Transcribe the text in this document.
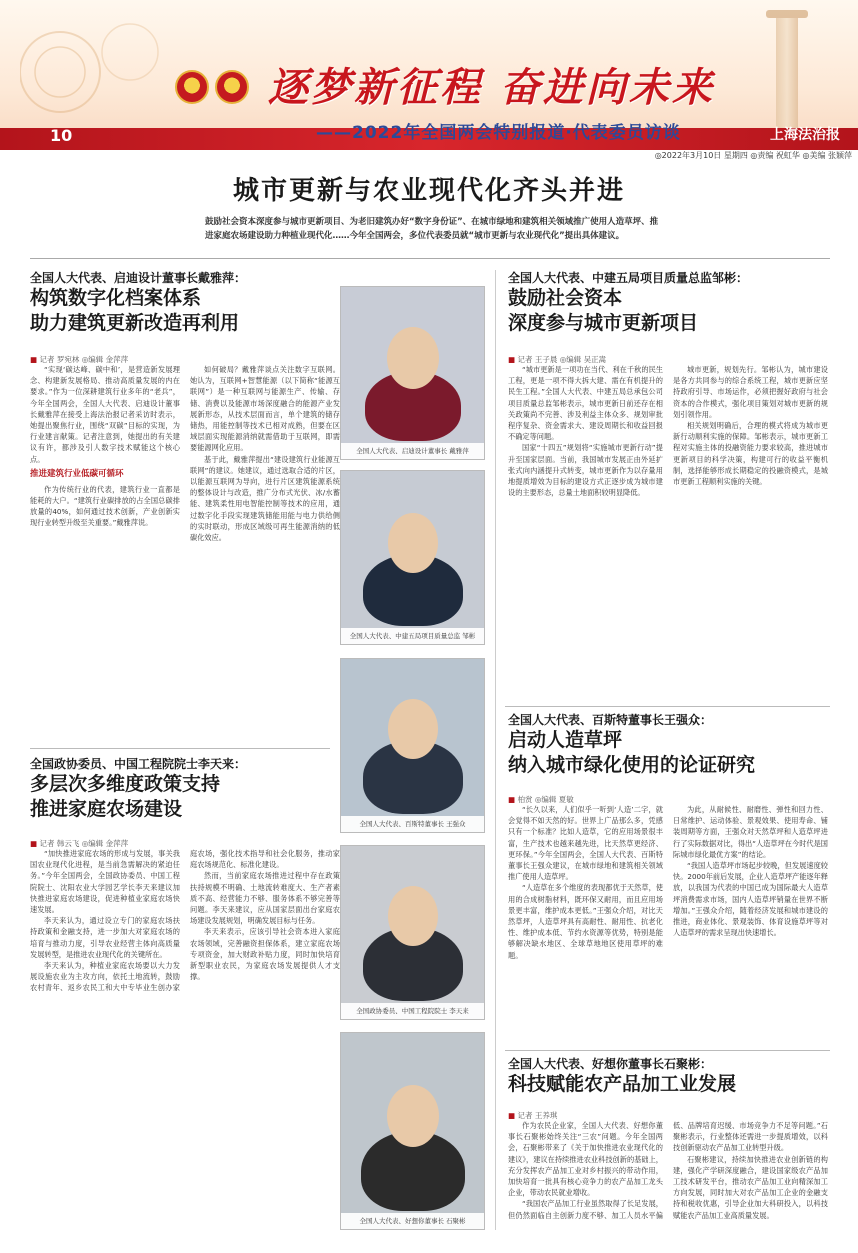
逐梦新征程 奋进向未来
10	——2022年全国两会特别报道·代表委员访谈	上海法治报
◎2022年3月10日 星期四 ◎责编 祝虹华 ◎美编 张颖萍
城市更新与农业现代化齐头并进

鼓励社会资本深度参与城市更新项目、为老旧建筑办好“数字身份证”、在城市绿地和建筑相关领域推广使用人造草坪、推进家庭农场建设助力种植业现代化……今年全国两会，多位代表委员就“城市更新与农业现代化”提出具体建议。

全国人大代表、启迪设计董事长戴雅萍：
构筑数字化档案体系
助力建筑更新改造再利用
■ 记者 罗宛林 ◎编辑 金萍萍

“实现‘碳达峰、碳中和’，是营造新发展理念、构建新发展格局、推动高质量发展的内在要求。”作为一位深耕建筑行业多年的“老兵”，今年全国两会，全国人大代表、启迪设计董事长戴雅萍在接受上海法治报记者采访时表示，她提出聚焦行业，围绕“双碳”目标的实现，为行业建言献策。记者注意到，她提出的有关建议有许，都涉及引人数字技术赋能这个核心点。

推进建筑行业低碳可循环

作为传统行业的代表，建筑行业一直都是能耗的大户。“建筑行业碳排放的占全国总碳排放量的40%，如何通过技术创新，产业创新实现行业转型升级至关重要。”戴雅萍说。

如何破局？戴雅萍谈点关注数字互联网。她认为，互联网+智慧能源（以下简称“能源互联网”）是一种互联网与能源生产、传输、存储、消费以及能源市场深度融合的能源产业发展新形态，从技术层面而言，单个建筑的储存储热，用能控制等技术已相对成熟，但要在区域层面实现能源消纳就需借助于互联网，即需要能源网化应用。

基于此，戴雅萍提出“建设建筑行业能源互联网”的建议。她建议，通过选取合适的片区，以能源互联网为导向，进行片区建筑能源系统的整体设计与改造，推广分布式光伏、冰/水蓄能、建筑柔性用电智能控制等技术的应用，通过数字化手段实现建筑储能用能与电力供给侧的实时联动，形成区域级可再生能源消纳的低碳化效应。

全国人大代表、启迪设计董事长 戴雅萍
全国人大代表、中建五局项目质量总监邹彬：
鼓励社会资本
深度参与城市更新项目
■ 记者 王子晨 ◎编辑 吴正嵩

“城市更新是一项功在当代、利在千秋的民生工程，更是一项不得大拆大建、需在有机提升的民生工程。”全国人大代表、中建五局总承包公司项目质量总监邹彬表示，城市更新日前还存在相关政策尚不完善、涉及利益主体众多、规划审批程序复杂、资金需求大、建设周期长和收益回报不确定等问题。

国家“十四五”规划将“实施城市更新行动”提升至国家层面。当前，我国城市发展正由外延扩张式向内涵提升式转变，城市更新作为以存量用地提质增效为目标的建设方式正逐步成为城市建设的主要形态，总量土地面积较明显降低。

城市更新，规划先行。邹彬认为，城市建设是各方共同参与的综合系统工程，城市更新应坚持政府引导、市场运作，必须把握好政府与社会资本的合作模式，强化项目策划对城市更新的规划引领作用。

相关规划明确后，合理的模式将成为城市更新行动顺利实施的保障。邹彬表示，城市更新工程对实施主体的投融资能力要求较高，推进城市更新项目的科学决策，构建可行的收益平衡机制，选择能够形成长期稳定的投融资模式，是城市更新工程顺利实施的关键。

全国人大代表、中建五局项目质量总监 邹彬
全国人大代表、百斯特董事长王强众：
启动人造草坪
纳入城市绿化使用的论证研究
■ 柏赏 ◎编辑 夏敏

“长久以来，人们似乎一听到‘人造’二字，就会觉得不如天然的好。世界上广品那么多，凭感只有一个标准？比如人造草，它的应用场景很丰富，生产技术也越来越先进，比天然草更经济、更环保。”今年全国两会，全国人大代表、百斯特董事长王强众建议，在城市绿地和建筑相关领域推广使用人造草坪。

“人造草在多个维度的表现都优于天然草，使用的合成树脂材料，既环保又耐用，而且应用场景更丰富，维护成本更低。”王强众介绍，对比天然草坪，人造草坪具有高耐性、耐用性、抗老化性、维护成本低、节约水资源等优势，特别是能够解决缺水地区、全球草地地区使用草坪的难题。

为此，从耐候性、耐磨性、弹性和回力性、日常维护、运动体验、景观效果、使用寿命、铺装周期等方面，王强众对天然草坪和人造草坪进行了实际数据对比，得出“人造草坪在今时代是国际城市绿化最优方案”的结论。

“我国人造草坪市场起步较晚，但发展速度较快。2000年前后发展，企业人造草坪产能逐年释放，以我国为代表的中国已成为国际最大人造草坪消费需求市场，国内人造草坪销量在世界不断增加。”王强众介绍，随着经济发展和城市建设的推进，商业体化、景观装饰、体育设施草坪等对人造草坪的需求呈现出快速增长。

全国人大代表、百斯特董事长 王强众
全国政协委员、中国工程院院士李天来：
多层次多维度政策支持
推进家庭农场建设
■ 记者 韩云飞 ◎编辑 金萍萍

“加快推进家庭农场的形成与发展，事关我国农业现代化进程，是当前急需解决的紧迫任务。”今年全国两会，全国政协委员、中国工程院院士、沈阳农业大学园艺学长李天来建议加快推进家庭农场建设，促进种植业家庭农场快速发展。

李天来认为，通过设立专门的家庭农场扶持政策和金融支持，进一步加大对家庭农场的培育与推动力度，引导农业经营主体向高质量发展转型，是推进农业现代化的关键所在。

李天来认为，种植业家庭农场要以大力发展设施农业为主攻方向，依托土地流转，鼓励农村青年、返乡农民工和大中专毕业生创办家庭农场，强化技术指导和社会化服务，推动家庭农场规范化、标准化建设。

然而，当前家庭农场推进过程中存在政策扶持规模不明确、土地流转难度大、生产者素质不高、经营能力不够、服务体系不够完善等问题。李天来建议，应从国家层面出台家庭农场建设发展规划，明确发展目标与任务。

李天来表示，应该引导社会资本进入家庭农场领域，完善融资担保体系，建立家庭农场专项资金，加大财政补贴力度，同时加快培育新型职业农民，为家庭农场发展提供人才支撑。

全国政协委员、中国工程院院士 李天来
全国人大代表、好想你董事长石聚彬：
科技赋能农产品加工业发展
■ 记者 王养琪

作为农民企业家，全国人大代表、好想你董事长石聚彬始终关注“三农”问题。今年全国两会，石聚彬带来了《关于加快推进农业现代化的建议》，建议在持续推进农业科技创新的基础上，充分发挥农产品加工业对乡村振兴的带动作用，加快培育一批具有核心竞争力的农产品加工龙头企业，带动农民就业增收。

“我国农产品加工行业虽然取得了长足发展，但仍然面临自主创新力度不够、加工人员水平偏低、品牌培育迟缓、市场竞争力不足等问题。”石聚彬表示，行业整体还需进一步提质增效，以科技创新驱动农产品加工业转型升级。

石聚彬建议，持续加快推进农业创新链的构建，强化产学研深度融合，建设国家级农产品加工技术研发平台，推动农产品加工业向精深加工方向发展，同时加大对农产品加工企业的金融支持和税收优惠，引导企业加大科研投入，以科技赋能农产品加工业高质量发展。

全国人大代表、好想你董事长 石聚彬
